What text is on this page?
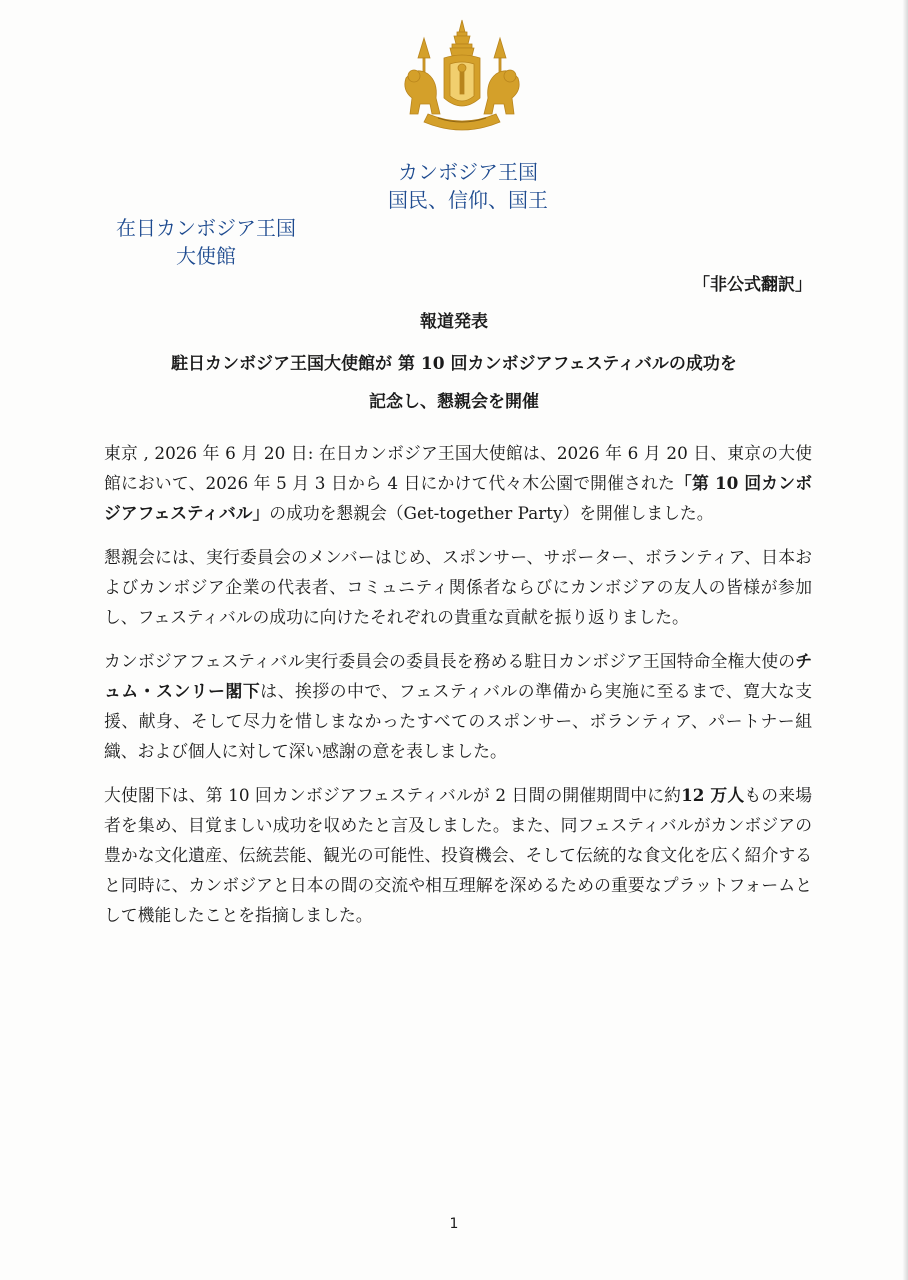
カンボジア王国
国民、信仰、国王
在日カンボジア王国
大使館
「非公式翻訳」
報道発表
駐日カンボジア王国大使館が 第 10 回カンボジアフェスティバルの成功を
記念し、懇親会を開催

東京 , 2026 年 6 月 20 日: 在日カンボジア王国大使館は、2026 年 6 月 20 日、東京の大使館において、2026 年 5 月 3 日から 4 日にかけて代々木公園で開催された「第 10 回カンボジアフェスティバル」の成功を懇親会（Get-together Party）を開催しました。

懇親会には、実行委員会のメンバーはじめ、スポンサー、サポーター、ボランティア、日本およびカンボジア企業の代表者、コミュニティ関係者ならびにカンボジアの友人の皆様が参加し、フェスティバルの成功に向けたそれぞれの貴重な貢献を振り返りました。

カンボジアフェスティバル実行委員会の委員長を務める駐日カンボジア王国特命全権大使のチュム・スンリー閣下は、挨拶の中で、フェスティバルの準備から実施に至るまで、寛大な支援、献身、そして尽力を惜しまなかったすべてのスポンサー、ボランティア、パートナー組織、および個人に対して深い感謝の意を表しました。

大使閣下は、第 10 回カンボジアフェスティバルが 2 日間の開催期間中に約12 万人もの来場者を集め、目覚ましい成功を収めたと言及しました。また、同フェスティバルがカンボジアの豊かな文化遺産、伝統芸能、観光の可能性、投資機会、そして伝統的な食文化を広く紹介すると同時に、カンボジアと日本の間の交流や相互理解を深めるための重要なプラットフォームとして機能したことを指摘しました。

1
